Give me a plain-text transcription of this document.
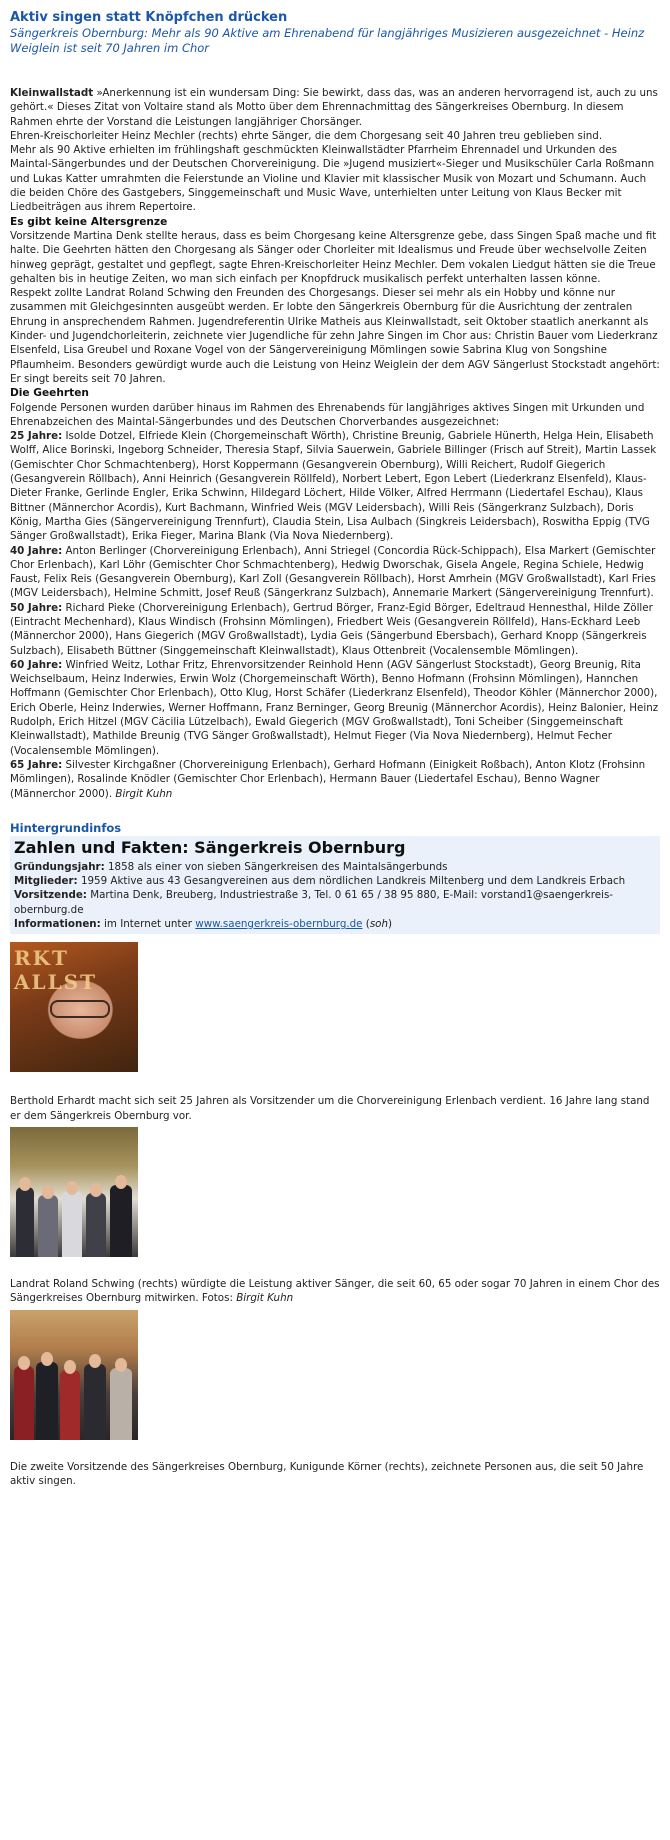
Aktiv singen statt Knöpfchen drücken

Sängerkreis Obernburg: Mehr als 90 Aktive am Ehrenabend für langjähriges Musizieren ausgezeichnet - Heinz Weiglein ist seit 70 Jahren im Chor

Kleinwallstadt »Anerkennung ist ein wundersam Ding: Sie bewirkt, dass das, was an anderen hervorragend ist, auch zu uns gehört.« Dieses Zitat von Voltaire stand als Motto über dem Ehrennachmittag des Sängerkreises Obernburg. In diesem Rahmen ehrte der Vorstand die Leistungen langjähriger Chorsänger.

Ehren-Kreischorleiter Heinz Mechler (rechts) ehrte Sänger, die dem Chorgesang seit 40 Jahren treu geblieben sind.

Mehr als 90 Aktive erhielten im frühlingshaft geschmückten Kleinwallstädter Pfarrheim Ehrennadel und Urkunden des Maintal-Sängerbundes und der Deutschen Chorvereinigung. Die »Jugend musiziert«-Sieger und Musikschüler Carla Roßmann und Lukas Katter umrahmten die Feierstunde an Violine und Klavier mit klassischer Musik von Mozart und Schumann. Auch die beiden Chöre des Gastgebers, Singgemeinschaft und Music Wave, unterhielten unter Leitung von Klaus Becker mit Liedbeiträgen aus ihrem Repertoire.

Es gibt keine Altersgrenze

Vorsitzende Martina Denk stellte heraus, dass es beim Chorgesang keine Altersgrenze gebe, dass Singen Spaß mache und fit halte. Die Geehrten hätten den Chorgesang als Sänger oder Chorleiter mit Idealismus und Freude über wechselvolle Zeiten hinweg geprägt, gestaltet und gepflegt, sagte Ehren-Kreischorleiter Heinz Mechler. Dem vokalen Liedgut hätten sie die Treue gehalten bis in heutige Zeiten, wo man sich einfach per Knopfdruck musikalisch perfekt unterhalten lassen könne.

Respekt zollte Landrat Roland Schwing den Freunden des Chorgesangs. Dieser sei mehr als ein Hobby und könne nur zusammen mit Gleichgesinnten ausgeübt werden. Er lobte den Sängerkreis Obernburg für die Ausrichtung der zentralen Ehrung in ansprechendem Rahmen. Jugendreferentin Ulrike Matheis aus Kleinwallstadt, seit Oktober staatlich anerkannt als Kinder- und Jugendchorleiterin, zeichnete vier Jugendliche für zehn Jahre Singen im Chor aus: Christin Bauer vom Liederkranz Elsenfeld, Lisa Greubel und Roxane Vogel von der Sängervereinigung Mömlingen sowie Sabrina Klug von Songshine Pflaumheim. Besonders gewürdigt wurde auch die Leistung von Heinz Weiglein der dem AGV Sängerlust Stockstadt angehört: Er singt bereits seit 70 Jahren.

Die Geehrten

Folgende Personen wurden darüber hinaus im Rahmen des Ehrenabends für langjähriges aktives Singen mit Urkunden und Ehrenabzeichen des Maintal-Sängerbundes und des Deutschen Chorverbandes ausgezeichnet:

25 Jahre: Isolde Dotzel, Elfriede Klein (Chorgemeinschaft Wörth), Christine Breunig, Gabriele Hünerth, Helga Hein, Elisabeth Wolff, Alice Borinski, Ingeborg Schneider, Theresia Stapf, Silvia Sauerwein, Gabriele Billinger (Frisch auf Streit), Martin Lassek (Gemischter Chor Schmachtenberg), Horst Koppermann (Gesangverein Obernburg), Willi Reichert, Rudolf Giegerich (Gesangverein Röllbach), Anni Heinrich (Gesangverein Röllfeld), Norbert Lebert, Egon Lebert (Liederkranz Elsenfeld), Klaus-Dieter Franke, Gerlinde Engler, Erika Schwinn, Hildegard Löchert, Hilde Völker, Alfred Herrmann (Liedertafel Eschau), Klaus Bittner (Männerchor Acordis), Kurt Bachmann, Winfried Weis (MGV Leidersbach), Willi Reis (Sängerkranz Sulzbach), Doris König, Martha Gies (Sängervereinigung Trennfurt), Claudia Stein, Lisa Aulbach (Singkreis Leidersbach), Roswitha Eppig (TVG Sänger Großwallstadt), Erika Fieger, Marina Blank (Via Nova Niedernberg).

40 Jahre: Anton Berlinger (Chorvereinigung Erlenbach), Anni Striegel (Concordia Rück-Schippach), Elsa Markert (Gemischter Chor Erlenbach), Karl Löhr (Gemischter Chor Schmachtenberg), Hedwig Dworschak, Gisela Angele, Regina Schiele, Hedwig Faust, Felix Reis (Gesangverein Obernburg), Karl Zoll (Gesangverein Röllbach), Horst Amrhein (MGV Großwallstadt), Karl Fries (MGV Leidersbach), Helmine Schmitt, Josef Reuß (Sängerkranz Sulzbach), Annemarie Markert (Sängervereinigung Trennfurt).

50 Jahre: Richard Pieke (Chorvereinigung Erlenbach), Gertrud Börger, Franz-Egid Börger, Edeltraud Hennesthal, Hilde Zöller (Eintracht Mechenhard), Klaus Windisch (Frohsinn Mömlingen), Friedbert Weis (Gesangverein Röllfeld), Hans-Eckhard Leeb (Männerchor 2000), Hans Giegerich (MGV Großwallstadt), Lydia Geis (Sängerbund Ebersbach), Gerhard Knopp (Sängerkreis Sulzbach), Elisabeth Büttner (Singgemeinschaft Kleinwallstadt), Klaus Ottenbreit (Vocalensemble Mömlingen).

60 Jahre: Winfried Weitz, Lothar Fritz, Ehrenvorsitzender Reinhold Henn (AGV Sängerlust Stockstadt), Georg Breunig, Rita Weichselbaum, Heinz Inderwies, Erwin Wolz (Chorgemeinschaft Wörth), Benno Hofmann (Frohsinn Mömlingen), Hannchen Hoffmann (Gemischter Chor Erlenbach), Otto Klug, Horst Schäfer (Liederkranz Elsenfeld), Theodor Köhler (Männerchor 2000), Erich Oberle, Heinz Inderwies, Werner Hoffmann, Franz Berninger, Georg Breunig (Männerchor Acordis), Heinz Balonier, Heinz Rudolph, Erich Hitzel (MGV Cäcilia Lützelbach), Ewald Giegerich (MGV Großwallstadt), Toni Scheiber (Singgemeinschaft Kleinwallstadt), Mathilde Breunig (TVG Sänger Großwallstadt), Helmut Fieger (Via Nova Niedernberg), Helmut Fecher (Vocalensemble Mömlingen).

65 Jahre: Silvester Kirchgaßner (Chorvereinigung Erlenbach), Gerhard Hofmann (Einigkeit Roßbach), Anton Klotz (Frohsinn Mömlingen), Rosalinde Knödler (Gemischter Chor Erlenbach), Hermann Bauer (Liedertafel Eschau), Benno Wagner (Männerchor 2000). Birgit Kuhn

Hintergrundinfos
Zahlen und Fakten: Sängerkreis Obernburg

Gründungsjahr: 1858 als einer von sieben Sängerkreisen des Maintalsängerbunds

Mitglieder: 1959 Aktive aus 43 Gesangvereinen aus dem nördlichen Landkreis Miltenberg und dem Landkreis Erbach

Vorsitzende: Martina Denk, Breuberg, Industriestraße 3, Tel. 0 61 65 / 38 95 880, E-Mail: vorstand1@saengerkreis-obernburg.de

Informationen: im Internet unter www.saengerkreis-obernburg.de (soh)

RKT
ALLST

Berthold Erhardt macht sich seit 25 Jahren als Vorsitzender um die Chorvereinigung Erlenbach verdient. 16 Jahre lang stand er dem Sängerkreis Obernburg vor.

Landrat Roland Schwing (rechts) würdigte die Leistung aktiver Sänger, die seit 60, 65 oder sogar 70 Jahren in einem Chor des Sängerkreises Obernburg mitwirken. Fotos: Birgit Kuhn

Die zweite Vorsitzende des Sängerkreises Obernburg, Kunigunde Körner (rechts), zeichnete Personen aus, die seit 50 Jahre aktiv singen.
